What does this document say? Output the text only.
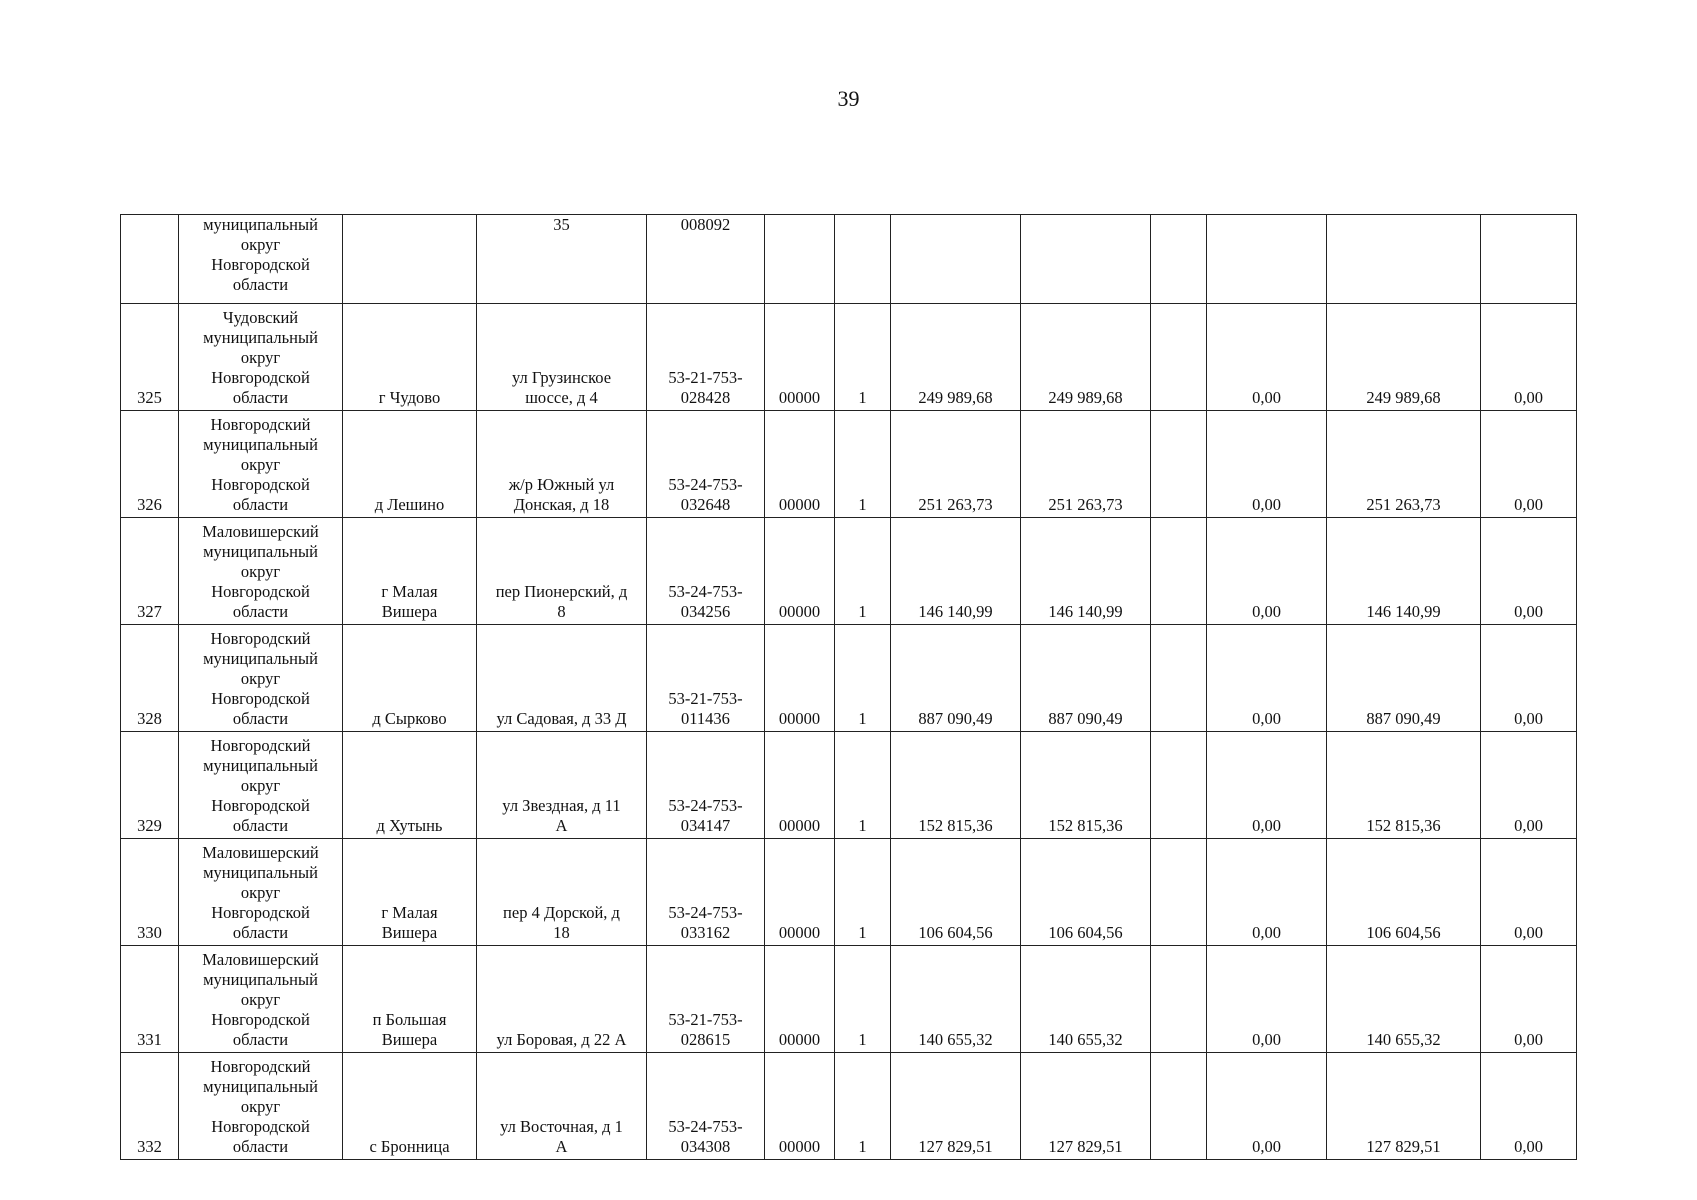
39
	муниципальный
округ
Новгородской
области		35	008092								
325	Чудовский
муниципальный
округ
Новгородской
области	г Чудово	ул Грузинское
шоссе, д 4	53-21-753-
028428	00000	1	249 989,68	249 989,68		0,00	249 989,68	0,00
326	Новгородский
муниципальный
округ
Новгородской
области	д Лешино	ж/р Южный ул
Донская, д 18	53-24-753-
032648	00000	1	251 263,73	251 263,73		0,00	251 263,73	0,00
327	Маловишерский
муниципальный
округ
Новгородской
области	г Малая
Вишера	пер Пионерский, д
8	53-24-753-
034256	00000	1	146 140,99	146 140,99		0,00	146 140,99	0,00
328	Новгородский
муниципальный
округ
Новгородской
области	д Сырково	ул Садовая, д 33 Д	53-21-753-
011436	00000	1	887 090,49	887 090,49		0,00	887 090,49	0,00
329	Новгородский
муниципальный
округ
Новгородской
области	д Хутынь	ул Звездная, д 11
А	53-24-753-
034147	00000	1	152 815,36	152 815,36		0,00	152 815,36	0,00
330	Маловишерский
муниципальный
округ
Новгородской
области	г Малая
Вишера	пер 4 Дорской, д
18	53-24-753-
033162	00000	1	106 604,56	106 604,56		0,00	106 604,56	0,00
331	Маловишерский
муниципальный
округ
Новгородской
области	п Большая
Вишера	ул Боровая, д 22 А	53-21-753-
028615	00000	1	140 655,32	140 655,32		0,00	140 655,32	0,00
332	Новгородский
муниципальный
округ
Новгородской
области	с Бронница	ул Восточная, д 1
А	53-24-753-
034308	00000	1	127 829,51	127 829,51		0,00	127 829,51	0,00
